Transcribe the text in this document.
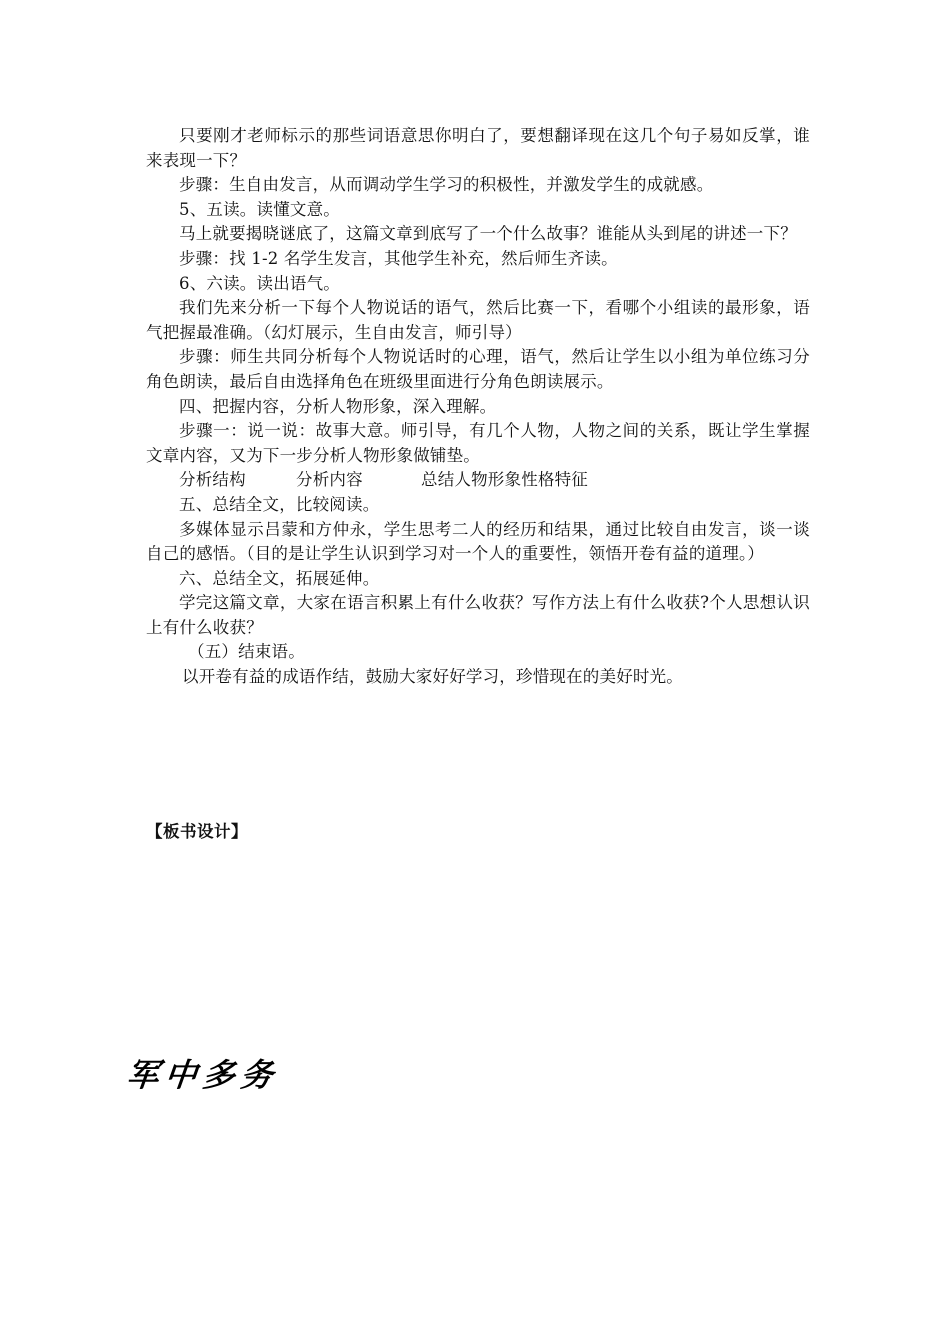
只要刚才老师标示的那些词语意思你明白了，要想翻译现在这几个句子易如反掌，谁来表现一下？

步骤：生自由发言，从而调动学生学习的积极性，并激发学生的成就感。

5、五读。读懂文意。

马上就要揭晓谜底了，这篇文章到底写了一个什么故事？谁能从头到尾的讲述一下？

步骤：找 1-2 名学生发言，其他学生补充，然后师生齐读。

6、六读。读出语气。

我们先来分析一下每个人物说话的语气，然后比赛一下，看哪个小组读的最形象，语气把握最准确。（幻灯展示，生自由发言，师引导）

步骤：师生共同分析每个人物说话时的心理，语气，然后让学生以小组为单位练习分角色朗读，最后自由选择角色在班级里面进行分角色朗读展示。

四、把握内容，分析人物形象，深入理解。

步骤一：说一说：故事大意。师引导，有几个人物，人物之间的关系，既让学生掌握文章内容，又为下一步分析人物形象做铺垫。

分析结构	分析内容	总结人物形象性格特征

五、总结全文，比较阅读。

多媒体显示吕蒙和方仲永，学生思考二人的经历和结果，通过比较自由发言，谈一谈自己的感悟。（目的是让学生认识到学习对一个人的重要性，领悟开卷有益的道理。）

六、总结全文，拓展延伸。

学完这篇文章，大家在语言积累上有什么收获？写作方法上有什么收获?个人思想认识上有什么收获？

（五）结束语。

以开卷有益的成语作结，鼓励大家好好学习，珍惜现在的美好时光。

【板书设计】
军中多务
